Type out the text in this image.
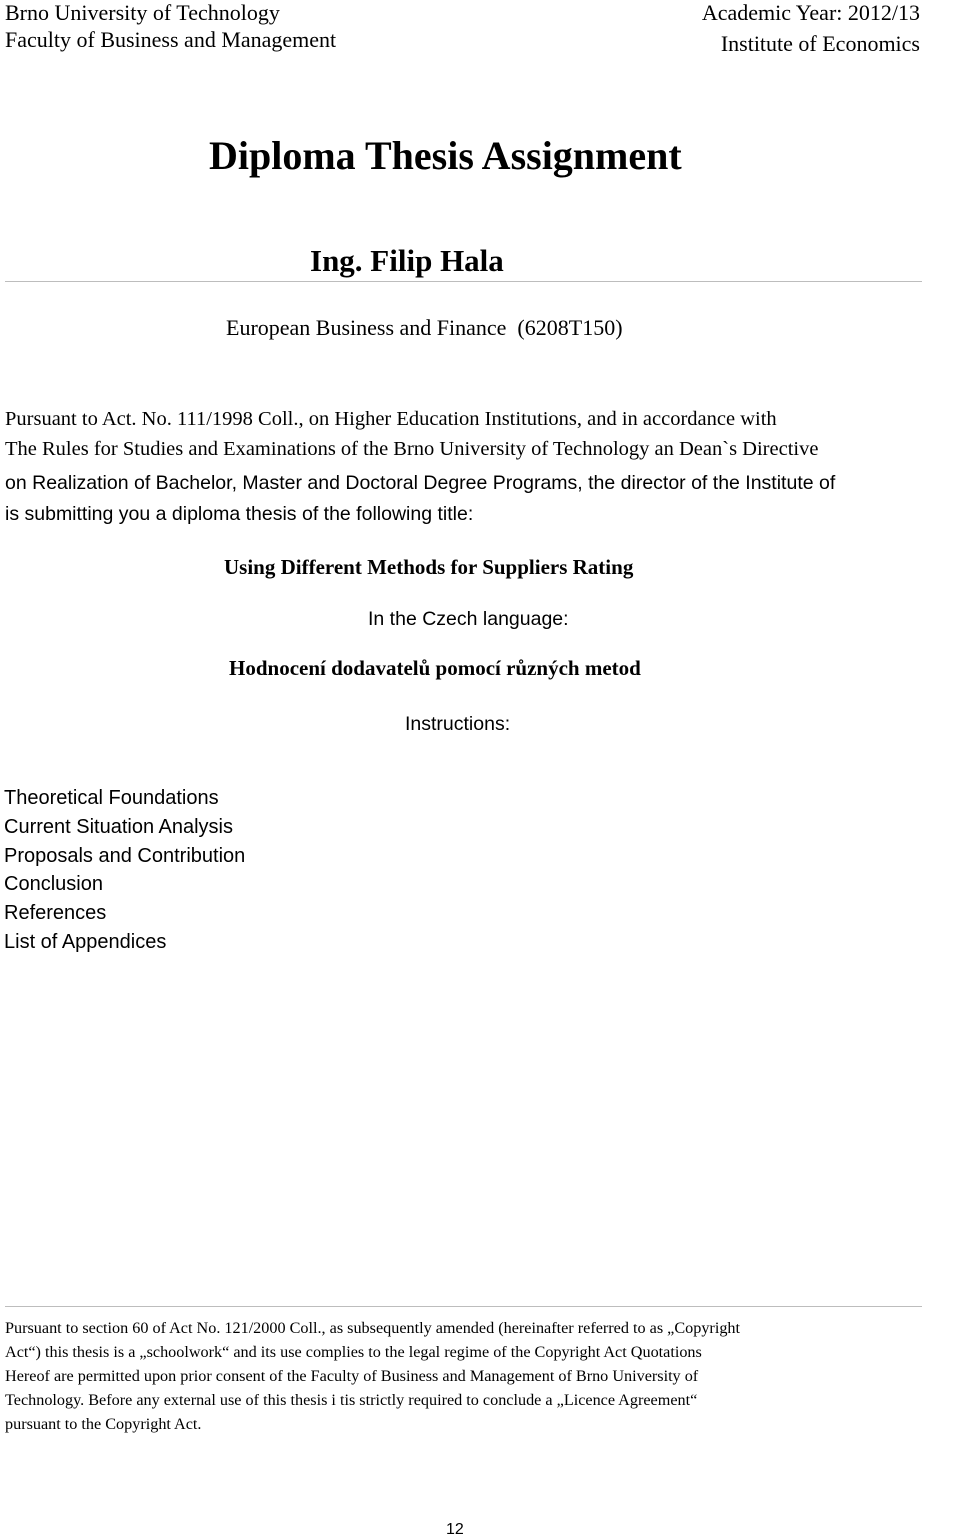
Brno University of Technology
Faculty of Business and Management
Academic Year: 2012/13
Institute of Economics
Diploma Thesis Assignment
Ing. Filip Hala
European Business and Finance  (6208T150)
Pursuant to Act. No. 111/1998 Coll., on Higher Education Institutions, and in accordance with
The Rules for Studies and Examinations of the Brno University of Technology an Dean`s Directive
on Realization of Bachelor, Master and Doctoral Degree Programs, the director of the Institute of
is submitting you a diploma thesis of the following title:
Using Different Methods for Suppliers Rating
In the Czech language:
Hodnocení dodavatelů pomocí různých metod
Instructions:
Theoretical Foundations
Current Situation Analysis
Proposals and Contribution
Conclusion
References
List of Appendices
Pursuant to section 60 of Act No. 121/2000 Coll., as subsequently amended (hereinafter referred to as „Copyright
Act“) this thesis is a „schoolwork“ and its use complies to the legal regime of the Copyright Act Quotations
Hereof are permitted upon prior consent of the Faculty of Business and Management of Brno University of
Technology. Before any external use of this thesis i tis strictly required to conclude a „Licence Agreement“
pursuant to the Copyright Act.
12
